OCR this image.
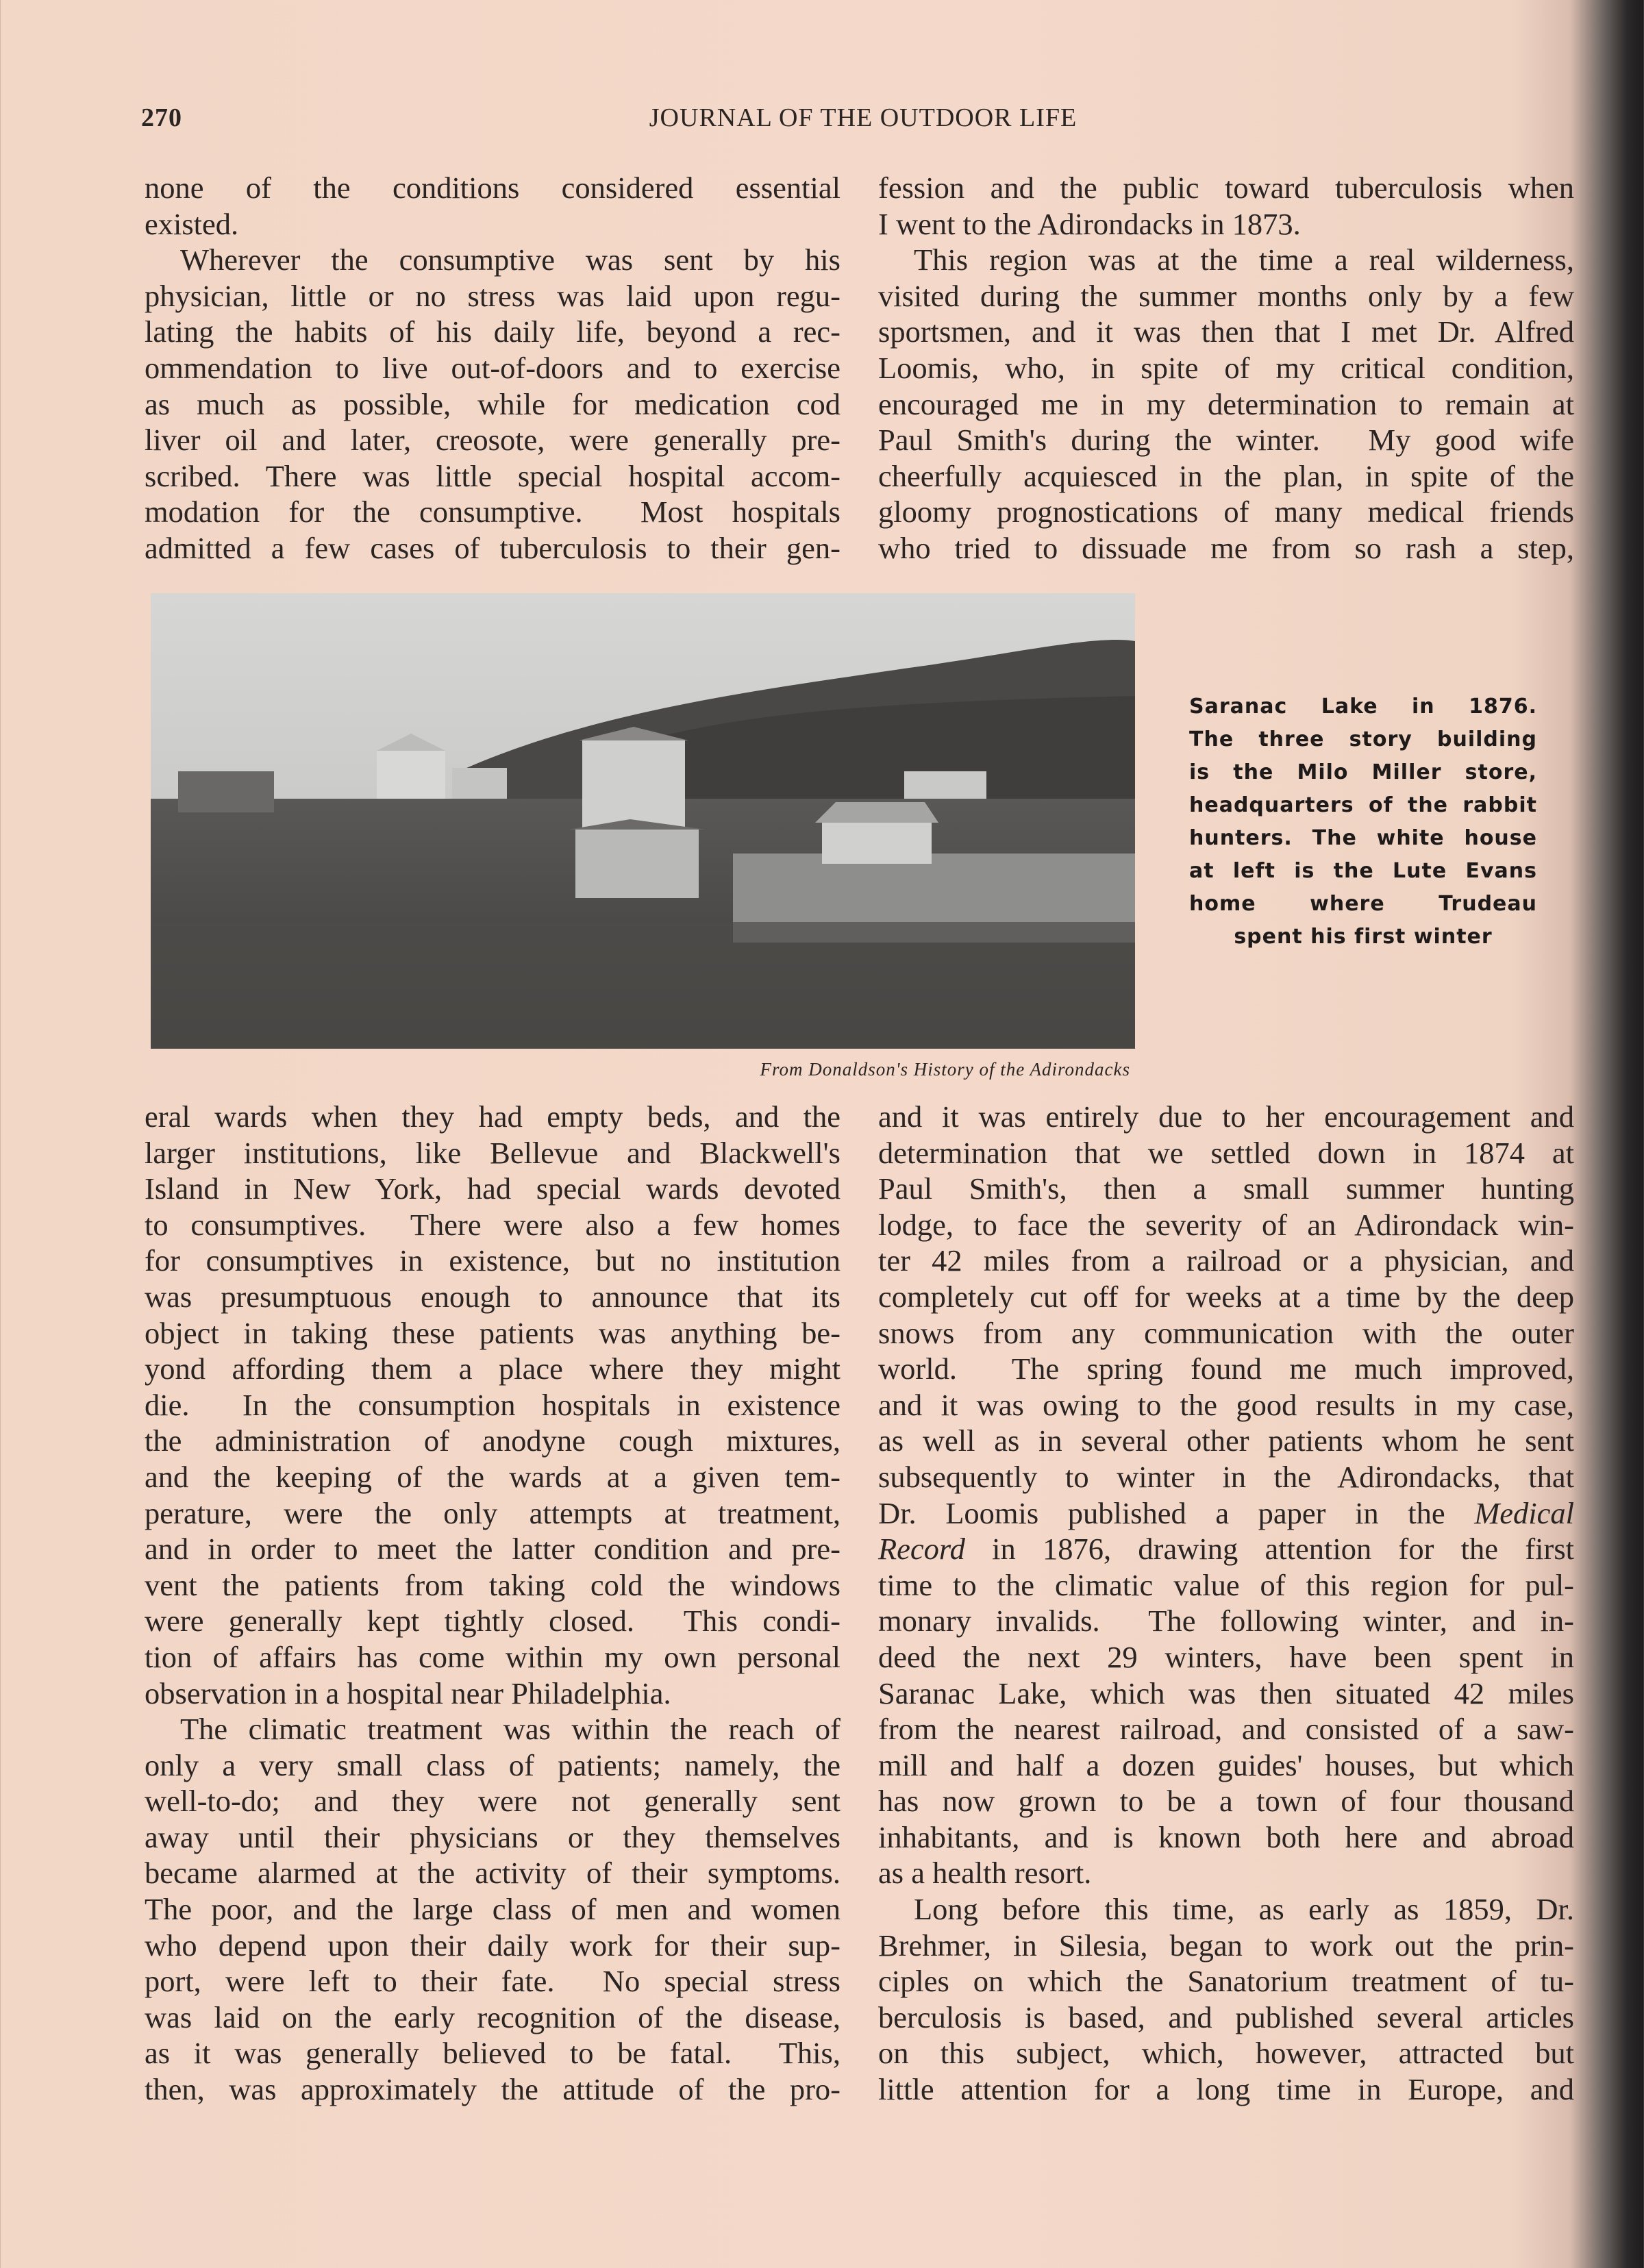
270	JOURNAL OF THE OUTDOOR LIFE
none of the conditions considered essential
existed.
Wherever the consumptive was sent by his
physician, little or no stress was laid upon regu-
lating the habits of his daily life, beyond a rec-
ommendation to live out-of-doors and to exercise
as much as possible, while for medication cod
liver oil and later, creosote, were generally pre-
scribed. There was little special hospital accom-
modation for the consumptive.  Most hospitals
admitted a few cases of tuberculosis to their gen-
fession and the public toward tuberculosis when
I went to the Adirondacks in 1873.
This region was at the time a real wilderness,
visited during the summer months only by a few
sportsmen, and it was then that I met Dr. Alfred
Loomis, who, in spite of my critical condition,
encouraged me in my determination to remain at
Paul Smith's during the winter.  My good wife
cheerfully acquiesced in the plan, in spite of the
gloomy prognostications of many medical friends
who tried to dissuade me from so rash a step,
Saranac Lake in 1876.
The three story building
is the Milo Miller store,
headquarters of the rabbit
hunters. The white house
at left is the Lute Evans
home where Trudeau
spent his first winter
From Donaldson's History of the Adirondacks
eral wards when they had empty beds, and the
larger institutions, like Bellevue and Blackwell's
Island in New York, had special wards devoted
to consumptives.  There were also a few homes
for consumptives in existence, but no institution
was presumptuous enough to announce that its
object in taking these patients was anything be-
yond affording them a place where they might
die.  In the consumption hospitals in existence
the administration of anodyne cough mixtures,
and the keeping of the wards at a given tem-
perature, were the only attempts at treatment,
and in order to meet the latter condition and pre-
vent the patients from taking cold the windows
were generally kept tightly closed.  This condi-
tion of affairs has come within my own personal
observation in a hospital near Philadelphia.
The climatic treatment was within the reach of
only a very small class of patients; namely, the
well-to-do; and they were not generally sent
away until their physicians or they themselves
became alarmed at the activity of their symptoms.
The poor, and the large class of men and women
who depend upon their daily work for their sup-
port, were left to their fate.  No special stress
was laid on the early recognition of the disease,
as it was generally believed to be fatal.  This,
then, was approximately the attitude of the pro-
and it was entirely due to her encouragement and
determination that we settled down in 1874 at
Paul Smith's, then a small summer hunting
lodge, to face the severity of an Adirondack win-
ter 42 miles from a railroad or a physician, and
completely cut off for weeks at a time by the deep
snows from any communication with the outer
world.  The spring found me much improved,
and it was owing to the good results in my case,
as well as in several other patients whom he sent
subsequently to winter in the Adirondacks, that
Dr. Loomis published a paper in the Medical
Record in 1876, drawing attention for the first
time to the climatic value of this region for pul-
monary invalids.  The following winter, and in-
deed the next 29 winters, have been spent in
Saranac Lake, which was then situated 42 miles
from the nearest railroad, and consisted of a saw-
mill and half a dozen guides' houses, but which
has now grown to be a town of four thousand
inhabitants, and is known both here and abroad
as a health resort.
Long before this time, as early as 1859, Dr.
Brehmer, in Silesia, began to work out the prin-
ciples on which the Sanatorium treatment of tu-
berculosis is based, and published several articles
on this subject, which, however, attracted but
little attention for a long time in Europe, and
